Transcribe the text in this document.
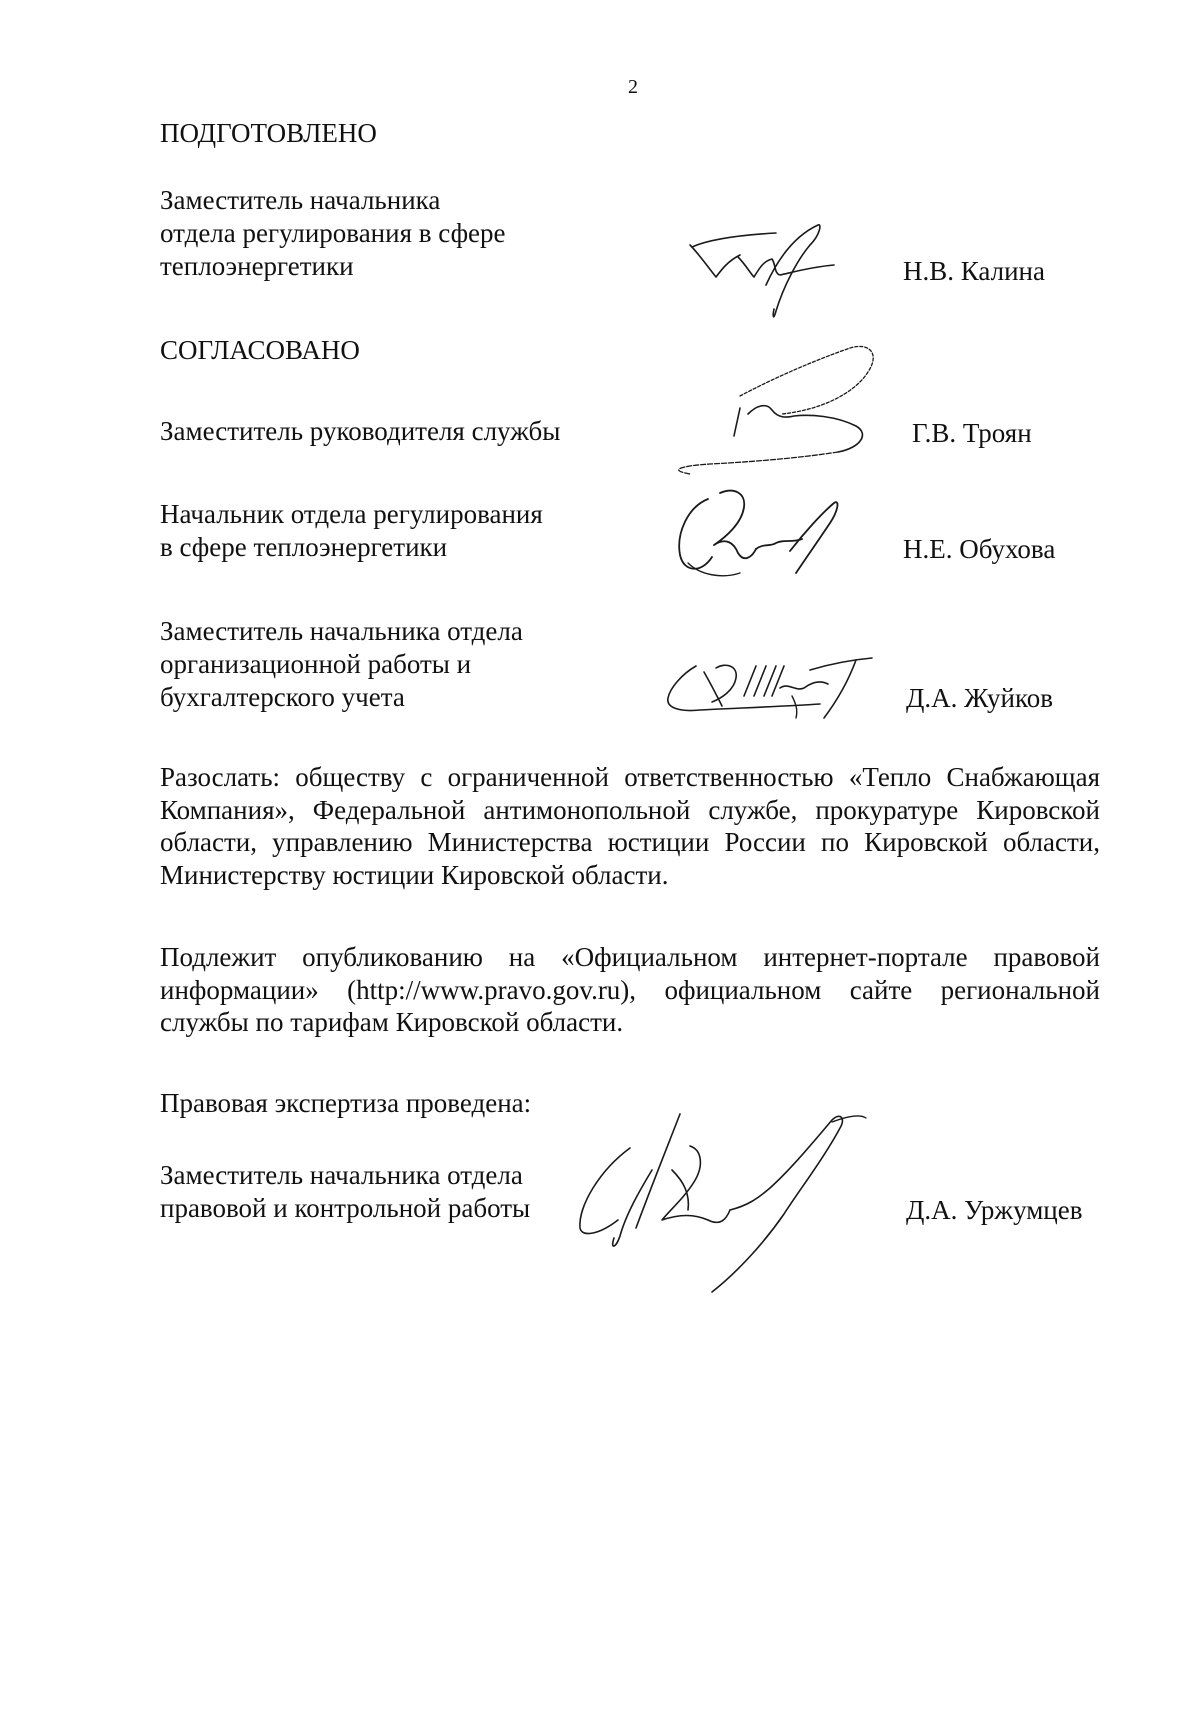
2
ПОДГОТОВЛЕНО
Заместитель начальника
отдела регулирования в сфере
теплоэнергетики	Н.В. Калина
СОГЛАСОВАНО
Заместитель руководителя службы	Г.В. Троян
Начальник отдела регулирования
в сфере теплоэнергетики	Н.Е. Обухова
Заместитель начальника отдела
организационной работы и
бухгалтерского учета	Д.А. Жуйков
Разослать: обществу с ограниченной ответственностью «Тепло Снабжающая Компания», Федеральной антимонопольной службе, прокуратуре Кировской области, управлению Министерства юстиции России по Кировской области, Министерству юстиции Кировской области.
Подлежит опубликованию на «Официальном интернет-портале правовой информации» (http://www.pravo.gov.ru), официальном сайте региональной службы по тарифам Кировской области.
Правовая экспертиза проведена:
Заместитель начальника отдела
правовой и контрольной работы	Д.А. Уржумцев
